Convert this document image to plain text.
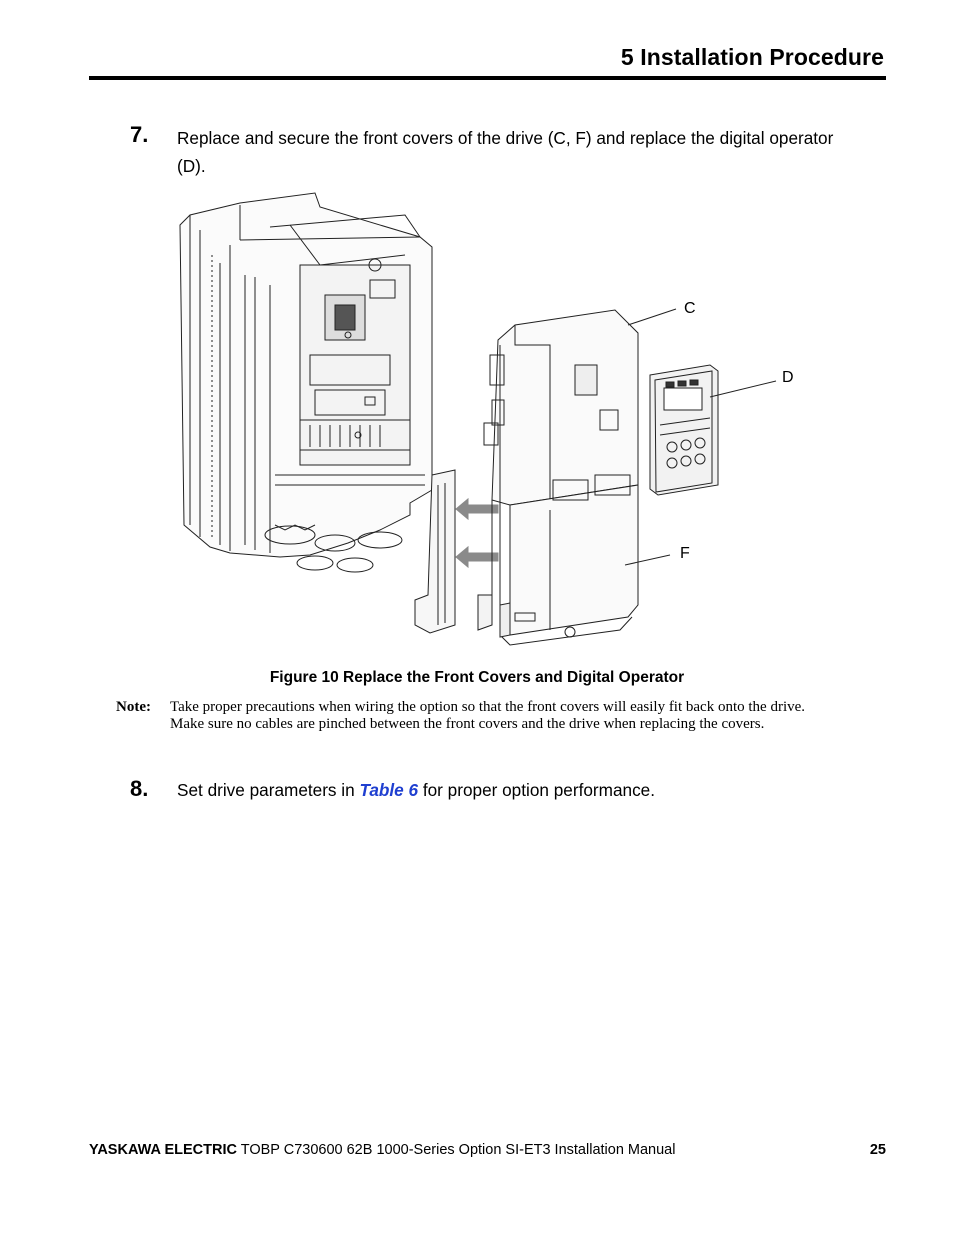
5 Installation Procedure
7. Replace and secure the front covers of the drive (C, F) and replace the digital operator (D).
C
D
F
Figure 10 Replace the Front Covers and Digital Operator
Note: Take proper precautions when wiring the option so that the front covers will easily fit back onto the drive. Make sure no cables are pinched between the front covers and the drive when replacing the covers.
8. Set drive parameters in Table 6 for proper option performance.
YASKAWA ELECTRIC TOBP C730600 62B 1000-Series Option SI-ET3 Installation Manual	25
